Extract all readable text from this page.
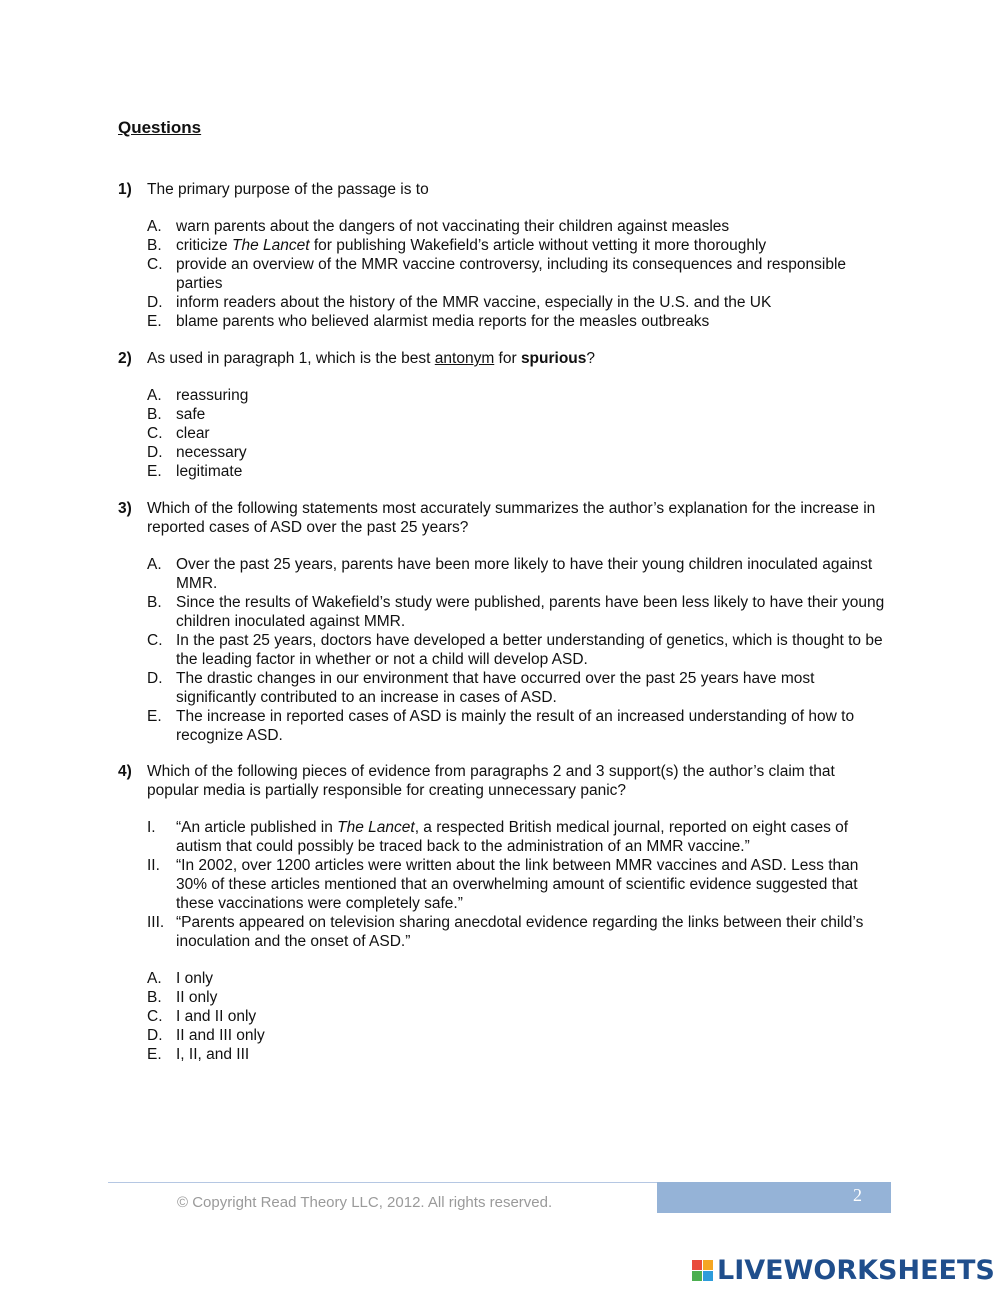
Questions
1) The primary purpose of the passage is to
A. warn parents about the dangers of not vaccinating their children against measles
B. criticize The Lancet for publishing Wakefield’s article without vetting it more thoroughly
C. provide an overview of the MMR vaccine controversy, including its consequences and responsible parties
D. inform readers about the history of the MMR vaccine, especially in the U.S. and the UK
E. blame parents who believed alarmist media reports for the measles outbreaks
2) As used in paragraph 1, which is the best antonym for spurious?
A. reassuring
B. safe
C. clear
D. necessary
E. legitimate
3) Which of the following statements most accurately summarizes the author’s explanation for the increase in reported cases of ASD over the past 25 years?
A. Over the past 25 years, parents have been more likely to have their young children inoculated against MMR.
B. Since the results of Wakefield’s study were published, parents have been less likely to have their young children inoculated against MMR.
C. In the past 25 years, doctors have developed a better understanding of genetics, which is thought to be the leading factor in whether or not a child will develop ASD.
D. The drastic changes in our environment that have occurred over the past 25 years have most significantly contributed to an increase in cases of ASD.
E. The increase in reported cases of ASD is mainly the result of an increased understanding of how to recognize ASD.
4) Which of the following pieces of evidence from paragraphs 2 and 3 support(s) the author’s claim that popular media is partially responsible for creating unnecessary panic?
I.	“An article published in The Lancet, a respected British medical journal, reported on eight cases of autism that could possibly be traced back to the administration of an MMR vaccine.”
II.	“In 2002, over 1200 articles were written about the link between MMR vaccines and ASD. Less than 30% of these articles mentioned that an overwhelming amount of scientific evidence suggested that these vaccinations were completely safe.”
III. “Parents appeared on television sharing anecdotal evidence regarding the links between their child’s inoculation and the onset of ASD.”
A. I only
B. II only
C. I and II only
D. II and III only
E. I, II, and III
© Copyright Read Theory LLC, 2012. All rights reserved.	2
LIVEWORKSHEETS
